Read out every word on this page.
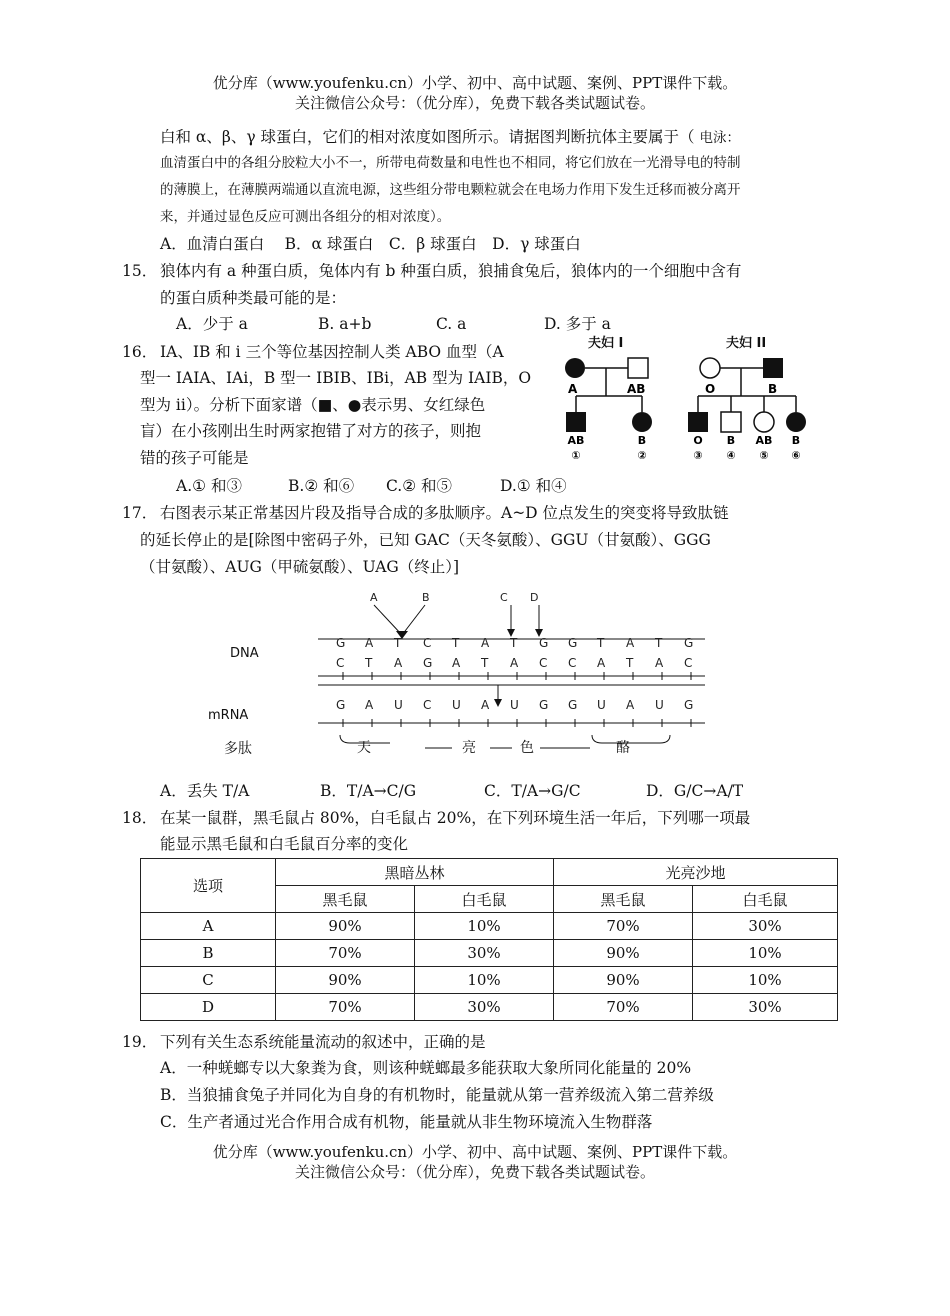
优分库（www.youfenku.cn）小学、初中、高中试题、案例、PPT课件下载。
关注微信公众号：（优分库），免费下载各类试题试卷。
白和 α、β、γ 球蛋白，它们的相对浓度如图所示。请据图判断抗体主要属于（ 电泳：
血清蛋白中的各组分胶粒大小不一，所带电荷数量和电性也不相同，将它们放在一光滑导电的特制
的薄膜上，在薄膜两端通以直流电源，这些组分带电颗粒就会在电场力作用下发生迁移而被分离开
来，并通过显色反应可测出各组分的相对浓度）。
A．血清白蛋白　 B．α 球蛋白　C．β 球蛋白　D．γ 球蛋白
15． 狼体内有 a 种蛋白质，兔体内有 b 种蛋白质，狼捕食兔后，狼体内的一个细胞中含有
的蛋白质种类最可能的是：
A．少于 a	B. a+b	C. a	D. 多于 a
16． IA、IB 和 i 三个等位基因控制人类 ABO 血型（A
型一 IAIA、IAi，B 型一 IBIB、IBi，AB 型为 IAIB，O
型为 ii）。分析下面家谱（■、●表示男、女红绿色
盲）在小孩刚出生时两家抱错了对方的孩子，则抱
错的孩子可能是
A.① 和③	B.② 和⑥ C.② 和⑤	D.① 和④
夫妇 I	夫妇 II
A	AB	O	B
AB
①
B
②
O
③
B
④
AB
⑤
B
⑥
17． 右图表示某正常基因片段及指导合成的多肽顺序。A~D 位点发生的突变将导致肽链
的延长停止的是[除图中密码子外，已知 GAC（天冬氨酸）、GGU（甘氨酸）、GGG
（甘氨酸）、AUG（甲硫氨酸）、UAG（终止）]
A	B	C D
DNA
mRNA
多肽
G A T C T A T G G T A T G
C T A G A T A C C A T A C
G A U C U A U G G U A U G
天	亮	色	酪
A．丢失 T/A	B．T/A→C/G	C．T/A→G/C	D．G/C→A/T
18． 在某一鼠群，黑毛鼠占 80%，白毛鼠占 20%，在下列环境生活一年后，下列哪一项最
能显示黑毛鼠和白毛鼠百分率的变化
选项	黑暗丛林		光亮沙地	
	黑毛鼠	白毛鼠	黑毛鼠	白毛鼠
A	90%	10%	70%	30%
B	70%	30%	90%	10%
C	90%	10%	90%	10%
D	70%	30%	70%	30%
19． 下列有关生态系统能量流动的叙述中，正确的是
A．一种蜣螂专以大象粪为食，则该种蜣螂最多能获取大象所同化能量的 20%
B．当狼捕食兔子并同化为自身的有机物时，能量就从第一营养级流入第二营养级
C．生产者通过光合作用合成有机物，能量就从非生物环境流入生物群落
优分库（www.youfenku.cn）小学、初中、高中试题、案例、PPT课件下载。
关注微信公众号：（优分库），免费下载各类试题试卷。
